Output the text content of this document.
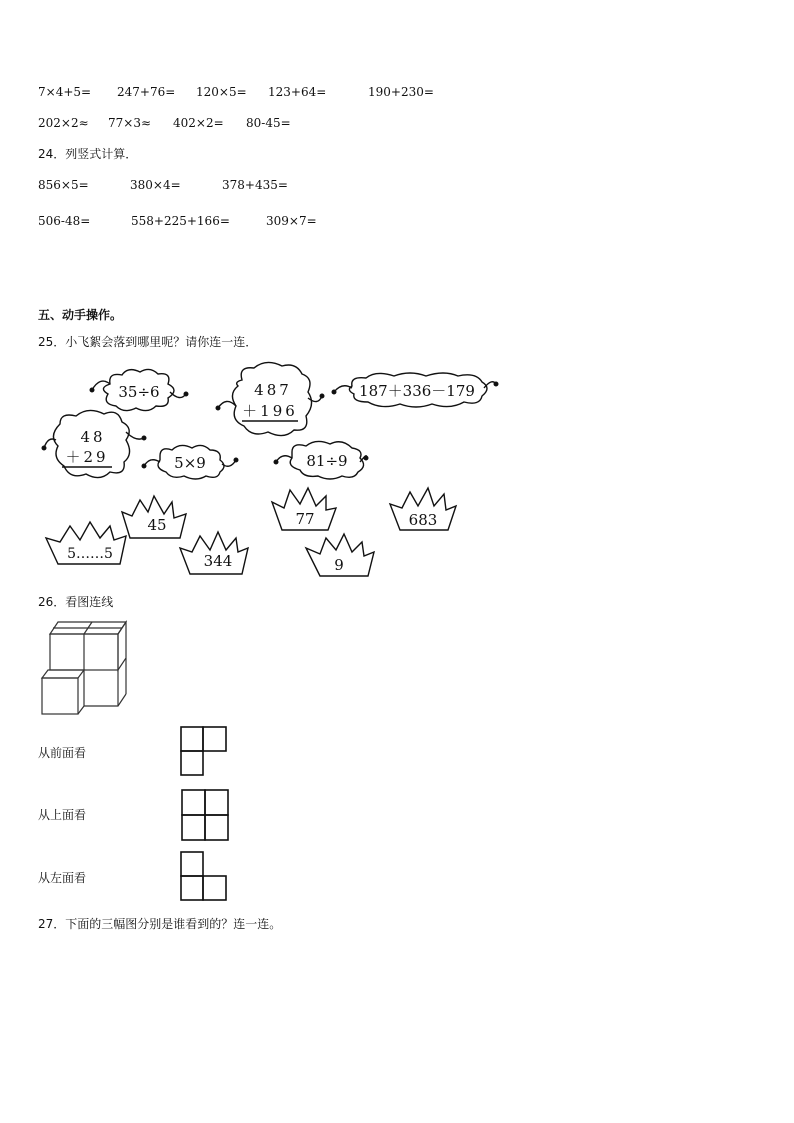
7×4+5= 247+76= 120×5= 123+64=	190+230=
202×2≈ 77×3≈ 402×2= 80-45=
24．列竖式计算．
856×5=	380×4=	378+435=
506-48=	558+225+166=	309×7=
五、动手操作。
25．小飞絮会落到哪里呢？请你连一连．
35÷6	487
＋196
187＋336－179
48
＋29	5×9	81÷9
45	77	683
5……5	344	9
26．看图连线
从前面看
从上面看
从左面看
27．下面的三幅图分别是谁看到的？连一连。
